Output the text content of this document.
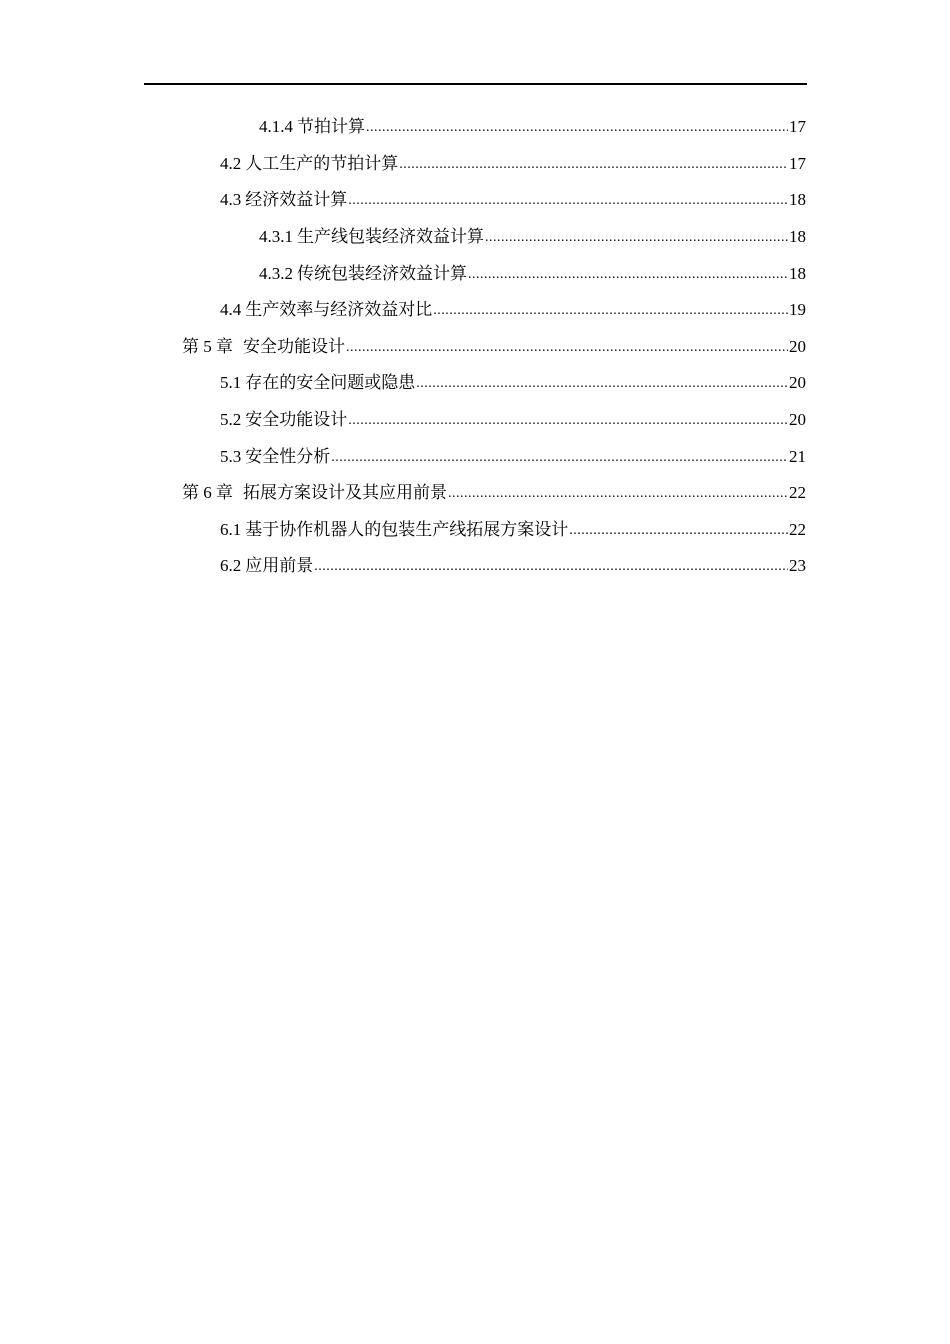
4.1.4 节拍计算 .....	17
4.2 人工生产的节拍计算 .....	17
4.3 经济效益计算 .....	18
4.3.1 生产线包装经济效益计算 .....	18
4.3.2 传统包装经济效益计算 .....	18
4.4 生产效率与经济效益对比 .....	19
第 5 章 安全功能设计 .....	20
5.1 存在的安全问题或隐患 .....	20
5.2 安全功能设计 .....	20
5.3 安全性分析 .....	21
第 6 章 拓展方案设计及其应用前景 .....	22
6.1 基于协作机器人的包装生产线拓展方案设计 .....	22
6.2 应用前景 .....	23
